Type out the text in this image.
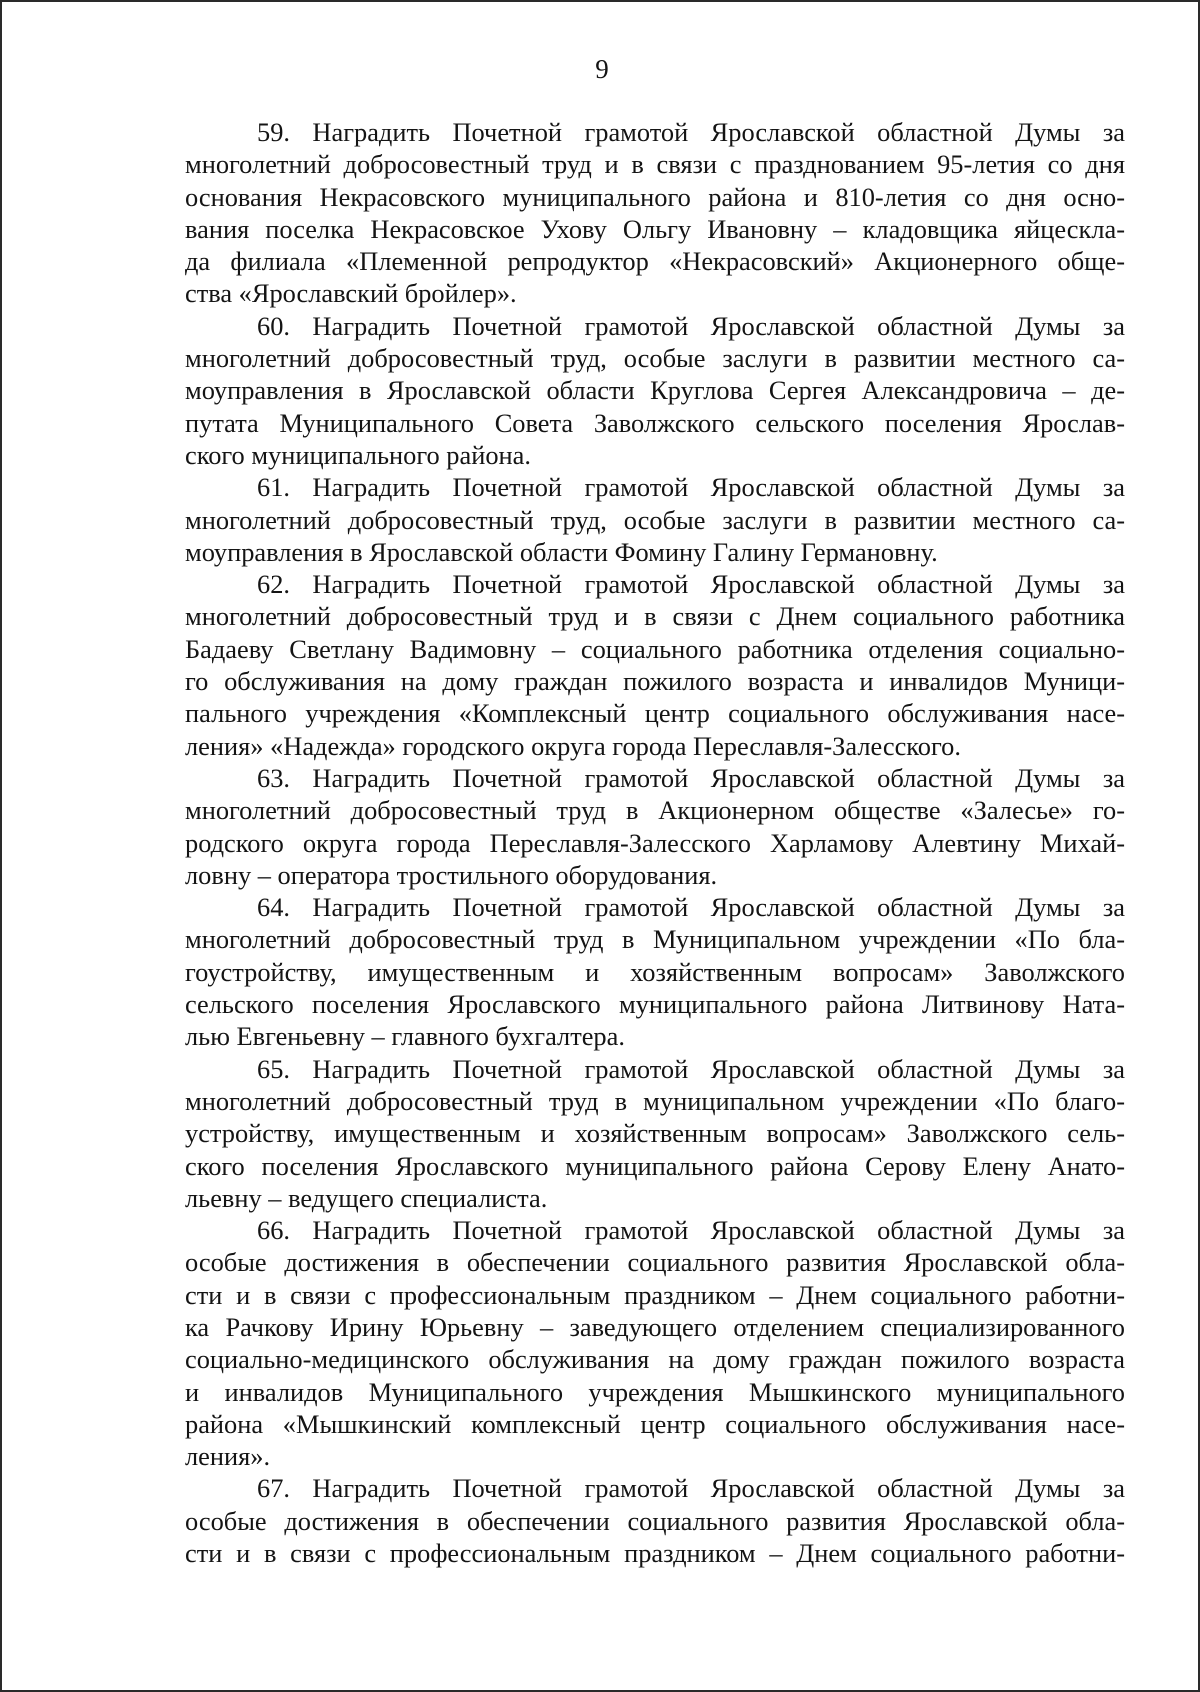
9

59. Наградить Почетной грамотой Ярославской областной Думы за
многолетний добросовестный труд и в связи с празднованием 95-летия со дня
основания Некрасовского муниципального района и 810-летия со дня осно-
вания поселка Некрасовское Ухову Ольгу Ивановну – кладовщика яйцескла-
да филиала «Племенной репродуктор «Некрасовский» Акционерного обще-
ства «Ярославский бройлер».

60. Наградить Почетной грамотой Ярославской областной Думы за
многолетний добросовестный труд, особые заслуги в развитии местного са-
моуправления в Ярославской области Круглова Сергея Александровича – де-
путата Муниципального Совета Заволжского сельского поселения Ярослав-
ского муниципального района.

61. Наградить Почетной грамотой Ярославской областной Думы за
многолетний добросовестный труд, особые заслуги в развитии местного са-
моуправления в Ярославской области Фомину Галину Германовну.

62. Наградить Почетной грамотой Ярославской областной Думы за
многолетний добросовестный труд и в связи с Днем социального работника
Бадаеву Светлану Вадимовну – социального работника отделения социально-
го обслуживания на дому граждан пожилого возраста и инвалидов Муници-
пального учреждения «Комплексный центр социального обслуживания насе-
ления» «Надежда» городского округа города Переславля-Залесского.

63. Наградить Почетной грамотой Ярославской областной Думы за
многолетний добросовестный труд в Акционерном обществе «Залесье» го-
родского округа города Переславля-Залесского Харламову Алевтину Михай-
ловну – оператора тростильного оборудования.

64. Наградить Почетной грамотой Ярославской областной Думы за
многолетний добросовестный труд в Муниципальном учреждении «По бла-
гоустройству, имущественным и хозяйственным вопросам» Заволжского
сельского поселения Ярославского муниципального района Литвинову Ната-
лью Евгеньевну – главного бухгалтера.

65. Наградить Почетной грамотой Ярославской областной Думы за
многолетний добросовестный труд в муниципальном учреждении «По благо-
устройству, имущественным и хозяйственным вопросам» Заволжского сель-
ского поселения Ярославского муниципального района Серову Елену Анато-
льевну – ведущего специалиста.

66. Наградить Почетной грамотой Ярославской областной Думы за
особые достижения в обеспечении социального развития Ярославской обла-
сти и в связи с профессиональным праздником – Днем социального работни-
ка Рачкову Ирину Юрьевну – заведующего отделением специализированного
социально-медицинского обслуживания на дому граждан пожилого возраста
и инвалидов Муниципального учреждения Мышкинского муниципального
района «Мышкинский комплексный центр социального обслуживания насе-
ления».

67. Наградить Почетной грамотой Ярославской областной Думы за
особые достижения в обеспечении социального развития Ярославской обла-
сти и в связи с профессиональным праздником – Днем социального работни-
